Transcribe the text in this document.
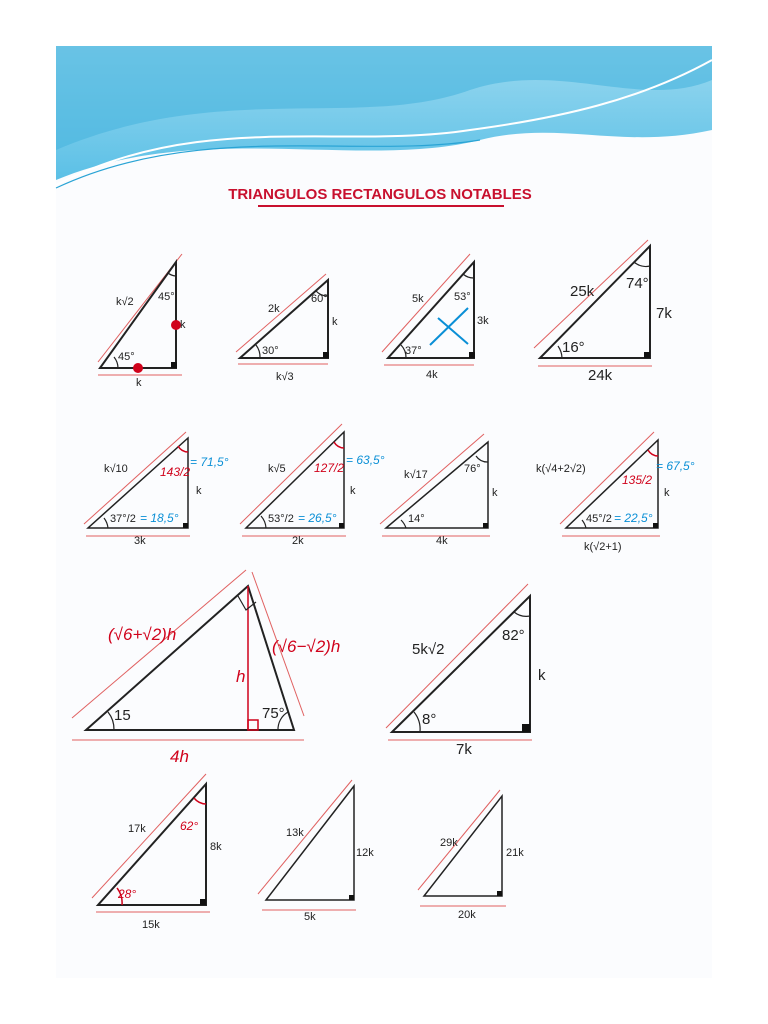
TRIANGULOS RECTANGULOS NOTABLES
k√2 45°
k
45°
k
2k
60°
k
30°
k√3
5k	53°
3k
37°
4k
25k 74°
7k
16°
24k
k√10	143/2
= 71,5°
k
37°/2 = 18,5°
3k
k√5 127/2
= 63,5°
k
53°/2 = 26,5°
2k
k√17	76°
k
14°
4k
k(√4+2√2)
135/2
= 67,5°
k
45°/2 = 22,5°
k(√2+1)
(√6+√2)h
(√6−√2)h
h
15	75°
4h
5k√2
82°
k
8°
7k
17k	62°
8k
28°
15k
13k
12k
5k
29k
21k
20k
